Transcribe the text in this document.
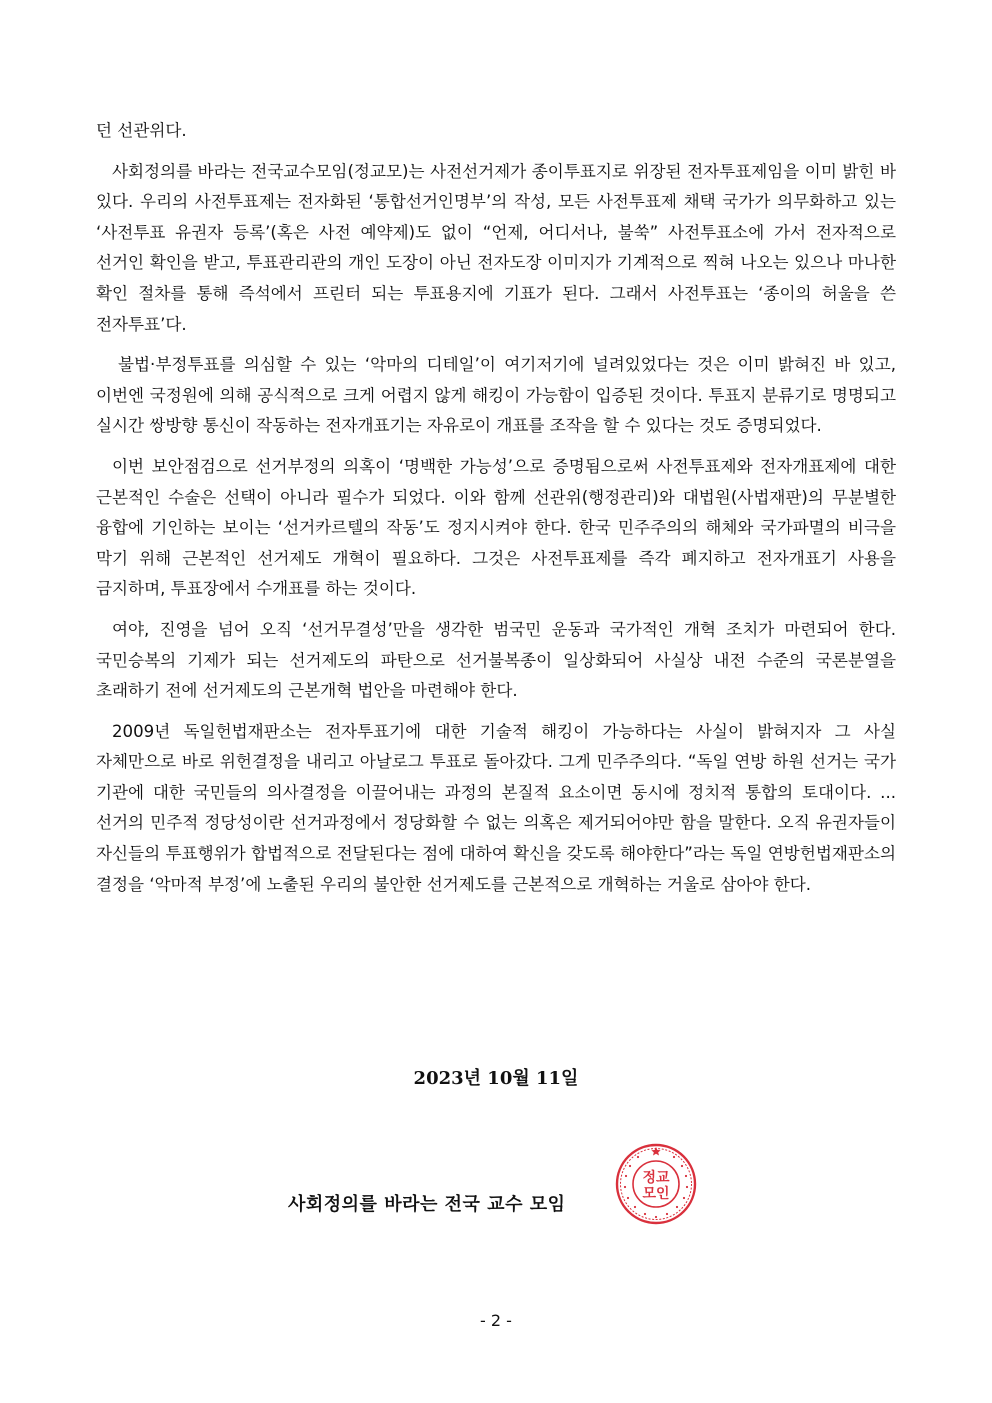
던 선관위다.

사회정의를 바라는 전국교수모임(정교모)는 사전선거제가 종이투표지로 위장된 전자투표제임을 이미 밝힌 바 있다. 우리의 사전투표제는 전자화된 ‘통합선거인명부’의 작성, 모든 사전투표제 채택 국가가 의무화하고 있는 ‘사전투표 유권자 등록’(혹은 사전 예약제)도 없이 “언제, 어디서나, 불쑥” 사전투표소에 가서 전자적으로 선거인 확인을 받고, 투표관리관의 개인 도장이 아닌 전자도장 이미지가 기계적으로 찍혀 나오는 있으나 마나한 확인 절차를 통해 즉석에서 프린터 되는 투표용지에 기표가 된다. 그래서 사전투표는 ‘종이의 허울을 쓴 전자투표’다.

불법·부정투표를 의심할 수 있는 ‘악마의 디테일’이 여기저기에 널려있었다는 것은 이미 밝혀진 바 있고, 이번엔 국정원에 의해 공식적으로 크게 어렵지 않게 해킹이 가능함이 입증된 것이다. 투표지 분류기로 명명되고 실시간 쌍방향 통신이 작동하는 전자개표기는 자유로이 개표를 조작을 할 수 있다는 것도 증명되었다.

이번 보안점검으로 선거부정의 의혹이 ‘명백한 가능성’으로 증명됨으로써 사전투표제와 전자개표제에 대한 근본적인 수술은 선택이 아니라 필수가 되었다. 이와 함께 선관위(행정관리)와 대법원(사법재판)의 무분별한 융합에 기인하는 보이는 ‘선거카르텔의 작동’도 정지시켜야 한다. 한국 민주주의의 해체와 국가파멸의 비극을 막기 위해 근본적인 선거제도 개혁이 필요하다. 그것은 사전투표제를 즉각 폐지하고 전자개표기 사용을 금지하며, 투표장에서 수개표를 하는 것이다.

여야, 진영을 넘어 오직 ‘선거무결성’만을 생각한 범국민 운동과 국가적인 개혁 조치가 마련되어 한다. 국민승복의 기제가 되는 선거제도의 파탄으로 선거불복종이 일상화되어 사실상 내전 수준의 국론분열을 초래하기 전에 선거제도의 근본개혁 법안을 마련해야 한다.

2009년 독일헌법재판소는 전자투표기에 대한 기술적 해킹이 가능하다는 사실이 밝혀지자 그 사실 자체만으로 바로 위헌결정을 내리고 아날로그 투표로 돌아갔다. 그게 민주주의다. “독일 연방 하원 선거는 국가 기관에 대한 국민들의 의사결정을 이끌어내는 과정의 본질적 요소이면 동시에 정치적 통합의 토대이다. ...선거의 민주적 정당성이란 선거과정에서 정당화할 수 없는 의혹은 제거되어야만 함을 말한다. 오직 유권자들이 자신들의 투표행위가 합법적으로 전달된다는 점에 대하여 확신을 갖도록 해야한다”라는 독일 연방헌법재판소의 결정을 ‘악마적 부정’에 노출된 우리의 불안한 선거제도를 근본적으로 개혁하는 거울로 삼아야 한다.

2023년 10월 11일
사회정의를 바라는 전국 교수 모임
정교
모인
- 2 -
